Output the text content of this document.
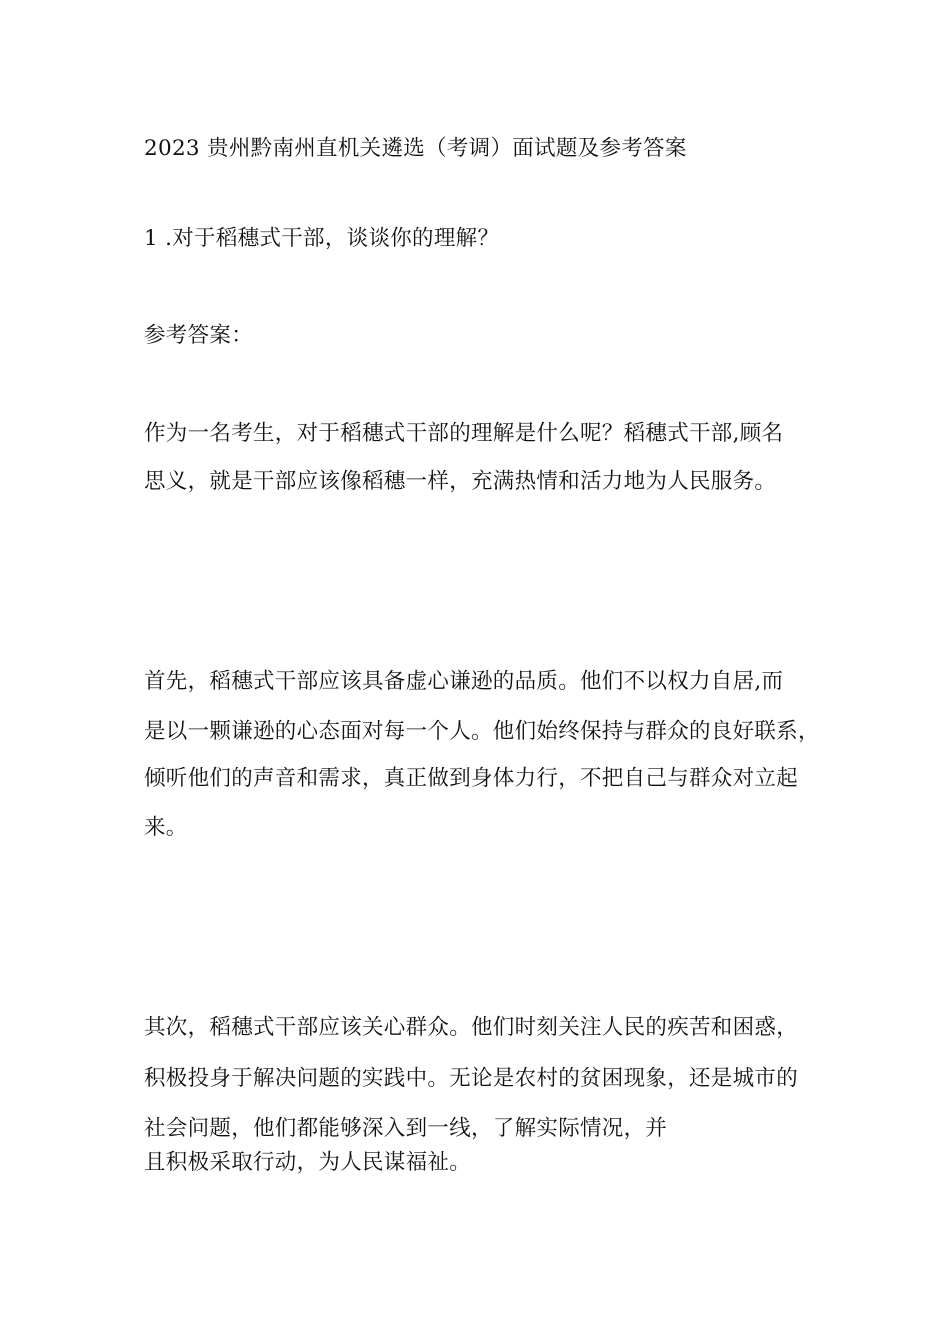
2023 贵州黔南州直机关遴选（考调）面试题及参考答案
1 .对于稻穗式干部，谈谈你的理解？
参考答案：
作为一名考生，对于稻穗式干部的理解是什么呢？稻穗式干部,顾名
思义，就是干部应该像稻穗一样，充满热情和活力地为人民服务。
首先，稻穗式干部应该具备虚心谦逊的品质。他们不以权力自居,而
是以一颗谦逊的心态面对每一个人。他们始终保持与群众的良好联系，
倾听他们的声音和需求，真正做到身体力行，不把自己与群众对立起
来。
其次，稻穗式干部应该关心群众。他们时刻关注人民的疾苦和困惑，
积极投身于解决问题的实践中。无论是农村的贫困现象，还是城市的
社会问题，他们都能够深入到一线，了解实际情况，并
且积极采取行动，为人民谋福祉。
